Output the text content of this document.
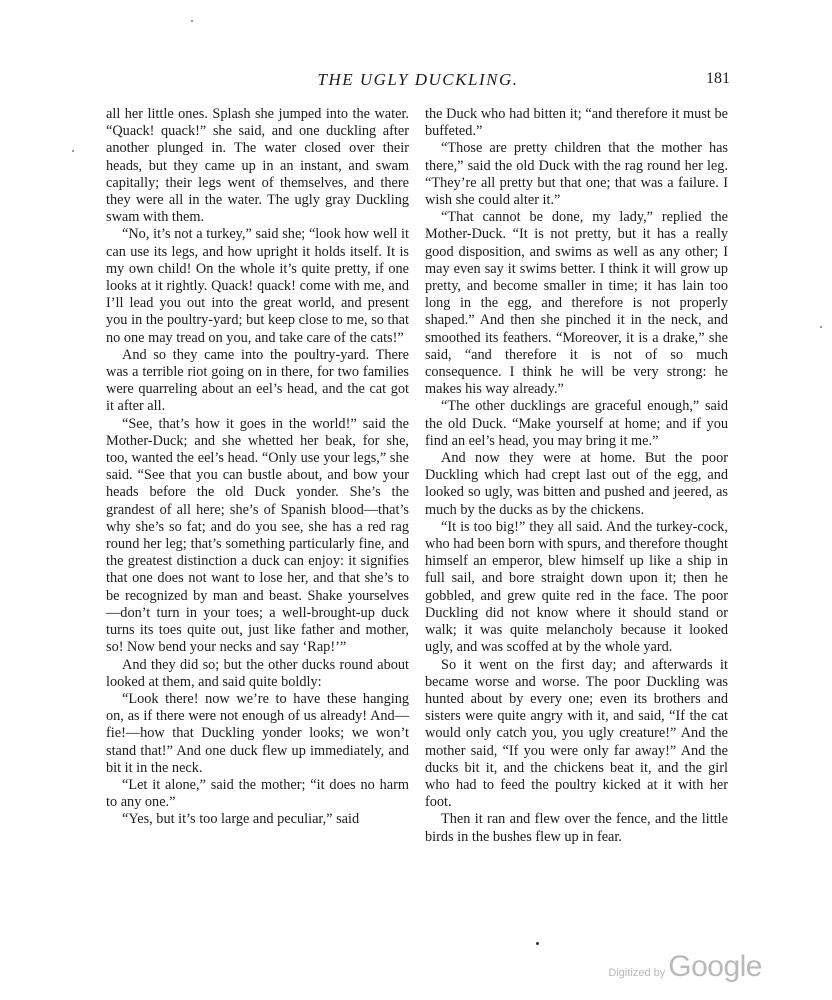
THE UGLY DUCKLING.	181

all her little ones. Splash she jumped into the water. “Quack! quack!” she said, and one duckling after another plunged in. The water closed over their heads, but they came up in an instant, and swam capitally; their legs went of themselves, and there they were all in the water. The ugly gray Duckling swam with them.

“No, it’s not a turkey,” said she; “look how well it can use its legs, and how upright it holds itself. It is my own child! On the whole it’s quite pretty, if one looks at it rightly. Quack! quack! come with me, and I’ll lead you out into the great world, and present you in the poultry-yard; but keep close to me, so that no one may tread on you, and take care of the cats!”

And so they came into the poultry-yard. There was a terrible riot going on in there, for two families were quarreling about an eel’s head, and the cat got it after all.

“See, that’s how it goes in the world!” said the Mother-Duck; and she whetted her beak, for she, too, wanted the eel’s head. “Only use your legs,” she said. “See that you can bustle about, and bow your heads before the old Duck yonder. She’s the grandest of all here; she’s of Spanish blood—that’s why she’s so fat; and do you see, she has a red rag round her leg; that’s something particularly fine, and the greatest distinction a duck can enjoy: it signifies that one does not want to lose her, and that she’s to be recognized by man and beast. Shake yourselves—don’t turn in your toes; a well-brought-up duck turns its toes quite out, just like father and mother, so! Now bend your necks and say ‘Rap!’”

And they did so; but the other ducks round about looked at them, and said quite boldly:

“Look there! now we’re to have these hanging on, as if there were not enough of us already! And—fie!—how that Duckling yonder looks; we won’t stand that!” And one duck flew up immediately, and bit it in the neck.

“Let it alone,” said the mother; “it does no harm to any one.”

“Yes, but it’s too large and peculiar,” said

the Duck who had bitten it; “and therefore it must be buffeted.”

“Those are pretty children that the mother has there,” said the old Duck with the rag round her leg. “They’re all pretty but that one; that was a failure. I wish she could alter it.”

“That cannot be done, my lady,” replied the Mother-Duck. “It is not pretty, but it has a really good disposition, and swims as well as any other; I may even say it swims better. I think it will grow up pretty, and become smaller in time; it has lain too long in the egg, and therefore is not properly shaped.” And then she pinched it in the neck, and smoothed its feathers. “Moreover, it is a drake,” she said, “and therefore it is not of so much consequence. I think he will be very strong: he makes his way already.”

“The other ducklings are graceful enough,” said the old Duck. “Make yourself at home; and if you find an eel’s head, you may bring it me.”

And now they were at home. But the poor Duckling which had crept last out of the egg, and looked so ugly, was bitten and pushed and jeered, as much by the ducks as by the chickens.

“It is too big!” they all said. And the turkey-cock, who had been born with spurs, and therefore thought himself an emperor, blew himself up like a ship in full sail, and bore straight down upon it; then he gobbled, and grew quite red in the face. The poor Duckling did not know where it should stand or walk; it was quite melancholy because it looked ugly, and was scoffed at by the whole yard.

So it went on the first day; and afterwards it became worse and worse. The poor Duckling was hunted about by every one; even its brothers and sisters were quite angry with it, and said, “If the cat would only catch you, you ugly creature!” And the mother said, “If you were only far away!” And the ducks bit it, and the chickens beat it, and the girl who had to feed the poultry kicked at it with her foot.

Then it ran and flew over the fence, and the little birds in the bushes flew up in fear.

Digitized by Google
